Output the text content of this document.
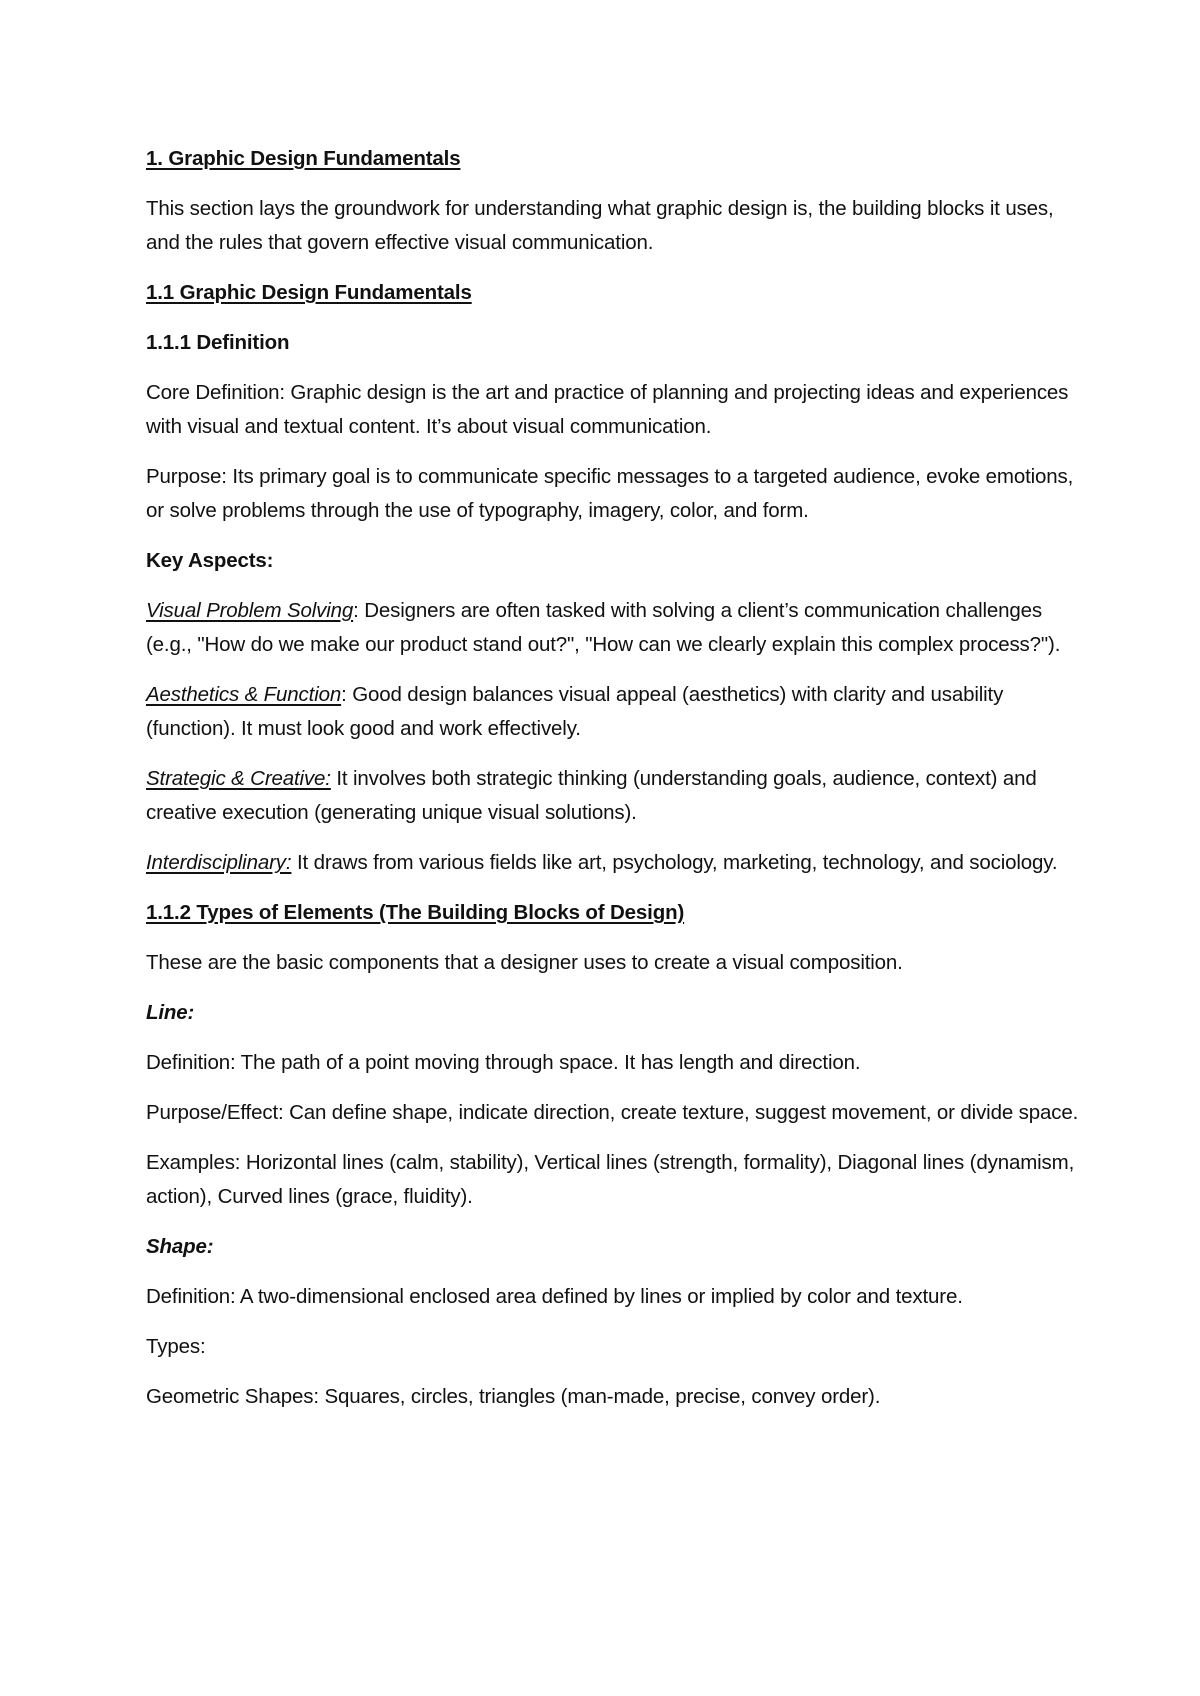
1. Graphic Design Fundamentals

This section lays the groundwork for understanding what graphic design is, the building blocks it uses, and the rules that govern effective visual communication.

1.1 Graphic Design Fundamentals

1.1.1 Definition

Core Definition: Graphic design is the art and practice of planning and projecting ideas and experiences with visual and textual content. It’s about visual communication.

Purpose: Its primary goal is to communicate specific messages to a targeted audience, evoke emotions, or solve problems through the use of typography, imagery, color, and form.

Key Aspects:

Visual Problem Solving: Designers are often tasked with solving a client’s communication challenges (e.g., "How do we make our product stand out?", "How can we clearly explain this complex process?").

Aesthetics & Function: Good design balances visual appeal (aesthetics) with clarity and usability (function). It must look good and work effectively.

Strategic & Creative: It involves both strategic thinking (understanding goals, audience, context) and creative execution (generating unique visual solutions).

Interdisciplinary: It draws from various fields like art, psychology, marketing, technology, and sociology.

1.1.2 Types of Elements (The Building Blocks of Design)

These are the basic components that a designer uses to create a visual composition.

Line:

Definition: The path of a point moving through space. It has length and direction.

Purpose/Effect: Can define shape, indicate direction, create texture, suggest movement, or divide space.

Examples: Horizontal lines (calm, stability), Vertical lines (strength, formality), Diagonal lines (dynamism, action), Curved lines (grace, fluidity).

Shape:

Definition: A two-dimensional enclosed area defined by lines or implied by color and texture.

Types:

Geometric Shapes: Squares, circles, triangles (man-made, precise, convey order).
